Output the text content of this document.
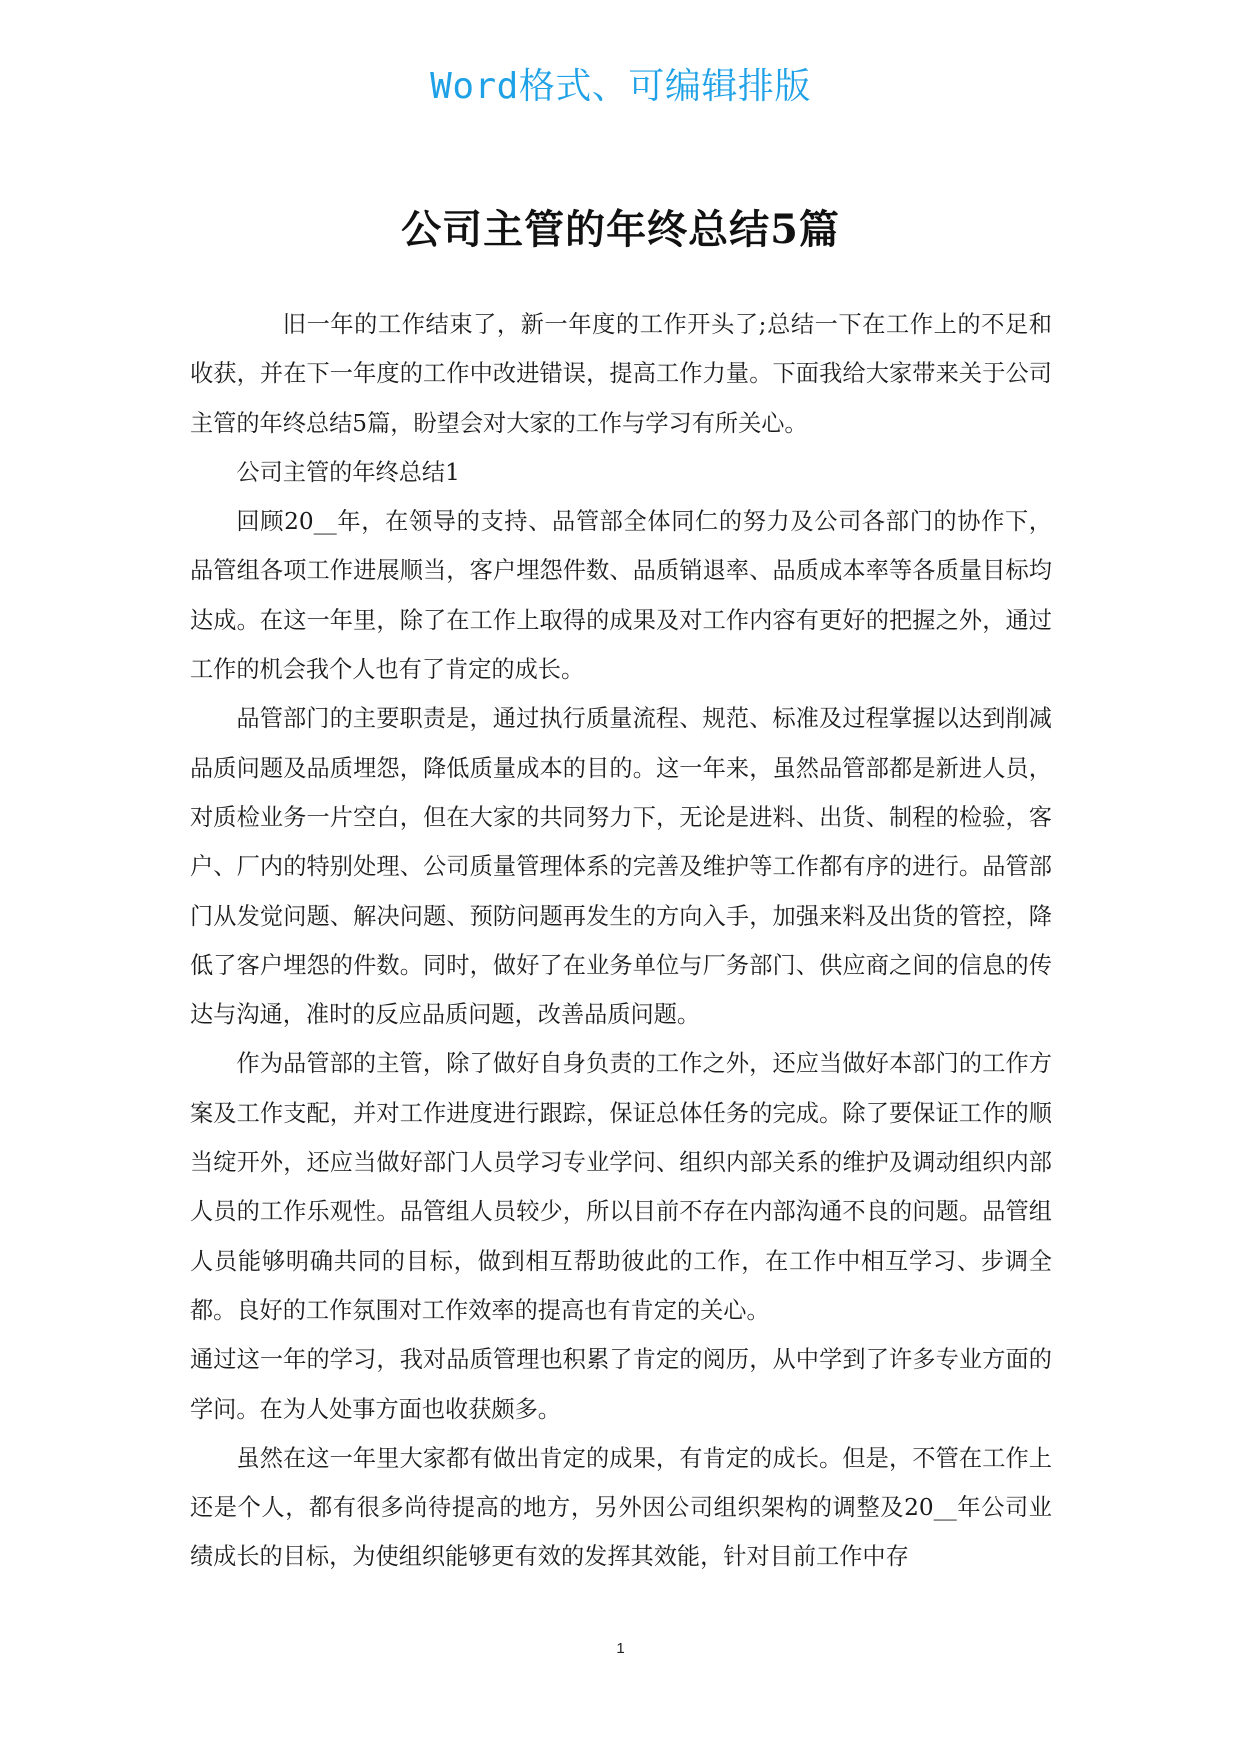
Word格式、可编辑排版
公司主管的年终总结5篇

旧一年的工作结束了，新一年度的工作开头了;总结一下在工作上的不足和收获，并在下一年度的工作中改进错误，提高工作力量。下面我给大家带来关于公司主管的年终总结5篇，盼望会对大家的工作与学习有所关心。

公司主管的年终总结1

回顾20__年，在领导的支持、品管部全体同仁的努力及公司各部门的协作下，品管组各项工作进展顺当，客户埋怨件数、品质销退率、品质成本率等各质量目标均达成。在这一年里，除了在工作上取得的成果及对工作内容有更好的把握之外，通过工作的机会我个人也有了肯定的成长。

品管部门的主要职责是，通过执行质量流程、规范、标准及过程掌握以达到削减品质问题及品质埋怨，降低质量成本的目的。这一年来，虽然品管部都是新进人员，对质检业务一片空白，但在大家的共同努力下，无论是进料、出货、制程的检验，客户、厂内的特别处理、公司质量管理体系的完善及维护等工作都有序的进行。品管部门从发觉问题、解决问题、预防问题再发生的方向入手，加强来料及出货的管控，降低了客户埋怨的件数。同时，做好了在业务单位与厂务部门、供应商之间的信息的传达与沟通，准时的反应品质问题，改善品质问题。

作为品管部的主管，除了做好自身负责的工作之外，还应当做好本部门的工作方案及工作支配，并对工作进度进行跟踪，保证总体任务的完成。除了要保证工作的顺当绽开外，还应当做好部门人员学习专业学问、组织内部关系的维护及调动组织内部人员的工作乐观性。品管组人员较少，所以目前不存在内部沟通不良的问题。品管组人员能够明确共同的目标，做到相互帮助彼此的工作，在工作中相互学习、步调全都。良好的工作氛围对工作效率的提高也有肯定的关心。

通过这一年的学习，我对品质管理也积累了肯定的阅历，从中学到了许多专业方面的学问。在为人处事方面也收获颇多。

虽然在这一年里大家都有做出肯定的成果，有肯定的成长。但是，不管在工作上还是个人，都有很多尚待提高的地方，另外因公司组织架构的调整及20__年公司业绩成长的目标，为使组织能够更有效的发挥其效能，针对目前工作中存

1
